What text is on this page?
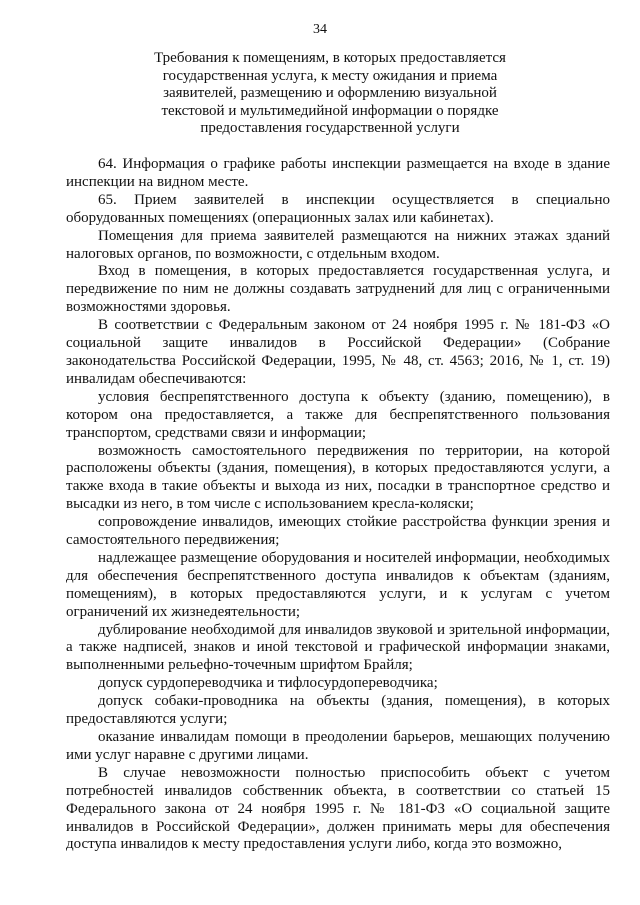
34
Требования к помещениям, в которых предоставляется
государственная услуга, к месту ожидания и приема
заявителей, размещению и оформлению визуальной
текстовой и мультимедийной информации о порядке
предоставления государственной услуги

64. Информация о графике работы инспекции размещается на входе в здание инспекции на видном месте.

65. Прием заявителей в инспекции осуществляется в специально оборудованных помещениях (операционных залах или кабинетах).

Помещения для приема заявителей размещаются на нижних этажах зданий налоговых органов, по возможности, с отдельным входом.

Вход в помещения, в которых предоставляется государственная услуга, и передвижение по ним не должны создавать затруднений для лиц с ограниченными возможностями здоровья.

В соответствии с Федеральным законом от 24 ноября 1995 г. № 181-ФЗ «О социальной защите инвалидов в Российской Федерации» (Собрание законодательства Российской Федерации, 1995, № 48, ст. 4563; 2016, № 1, ст. 19) инвалидам обеспечиваются:

условия беспрепятственного доступа к объекту (зданию, помещению), в котором она предоставляется, а также для беспрепятственного пользования транспортом, средствами связи и информации;

возможность самостоятельного передвижения по территории, на которой расположены объекты (здания, помещения), в которых предоставляются услуги, а также входа в такие объекты и выхода из них, посадки в транспортное средство и высадки из него, в том числе с использованием кресла-коляски;

сопровождение инвалидов, имеющих стойкие расстройства функции зрения и самостоятельного передвижения;

надлежащее размещение оборудования и носителей информации, необходимых для обеспечения беспрепятственного доступа инвалидов к объектам (зданиям, помещениям), в которых предоставляются услуги, и к услугам с учетом ограничений их жизнедеятельности;

дублирование необходимой для инвалидов звуковой и зрительной информации, а также надписей, знаков и иной текстовой и графической информации знаками, выполненными рельефно-точечным шрифтом Брайля;

допуск сурдопереводчика и тифлосурдопереводчика;

допуск собаки-проводника на объекты (здания, помещения), в которых предоставляются услуги;

оказание инвалидам помощи в преодолении барьеров, мешающих получению ими услуг наравне с другими лицами.

В случае невозможности полностью приспособить объект с учетом потребностей инвалидов собственник объекта, в соответствии со статьей 15 Федерального закона от 24 ноября 1995 г. № 181-ФЗ «О социальной защите инвалидов в Российской Федерации», должен принимать меры для обеспечения доступа инвалидов к месту предоставления услуги либо, когда это возможно,
